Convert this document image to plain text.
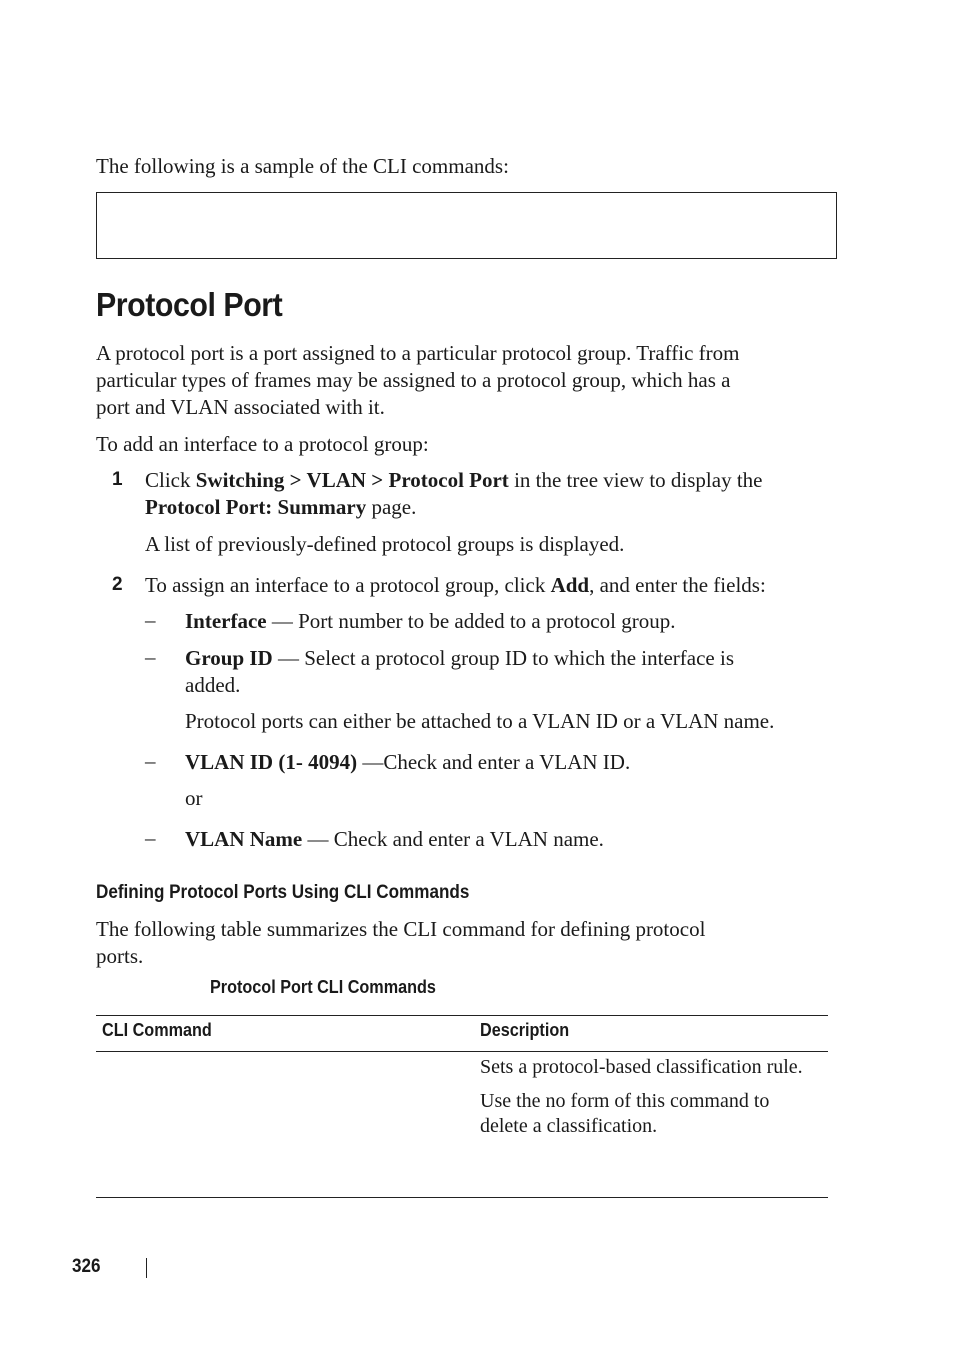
The following is a sample of the CLI commands:
Protocol Port
A protocol port is a port assigned to a particular protocol group. Traffic from
particular types of frames may be assigned to a protocol group, which has a
port and VLAN associated with it.
To add an interface to a protocol group:
1 Click Switching > VLAN > Protocol Port in the tree view to display the
Protocol Port: Summary page.
A list of previously-defined protocol groups is displayed.
2 To assign an interface to a protocol group, click Add, and enter the fields:
– Interface — Port number to be added to a protocol group.
– Group ID — Select a protocol group ID to which the interface is
added.
Protocol ports can either be attached to a VLAN ID or a VLAN name.
– VLAN ID (1- 4094) —Check and enter a VLAN ID.
or
– VLAN Name — Check and enter a VLAN name.
Defining Protocol Ports Using CLI Commands
The following table summarizes the CLI command for defining protocol
ports.
Protocol Port CLI Commands
CLI Command	Description
Sets a protocol-based classification rule.
Use the no form of this command to
delete a classification.
326
